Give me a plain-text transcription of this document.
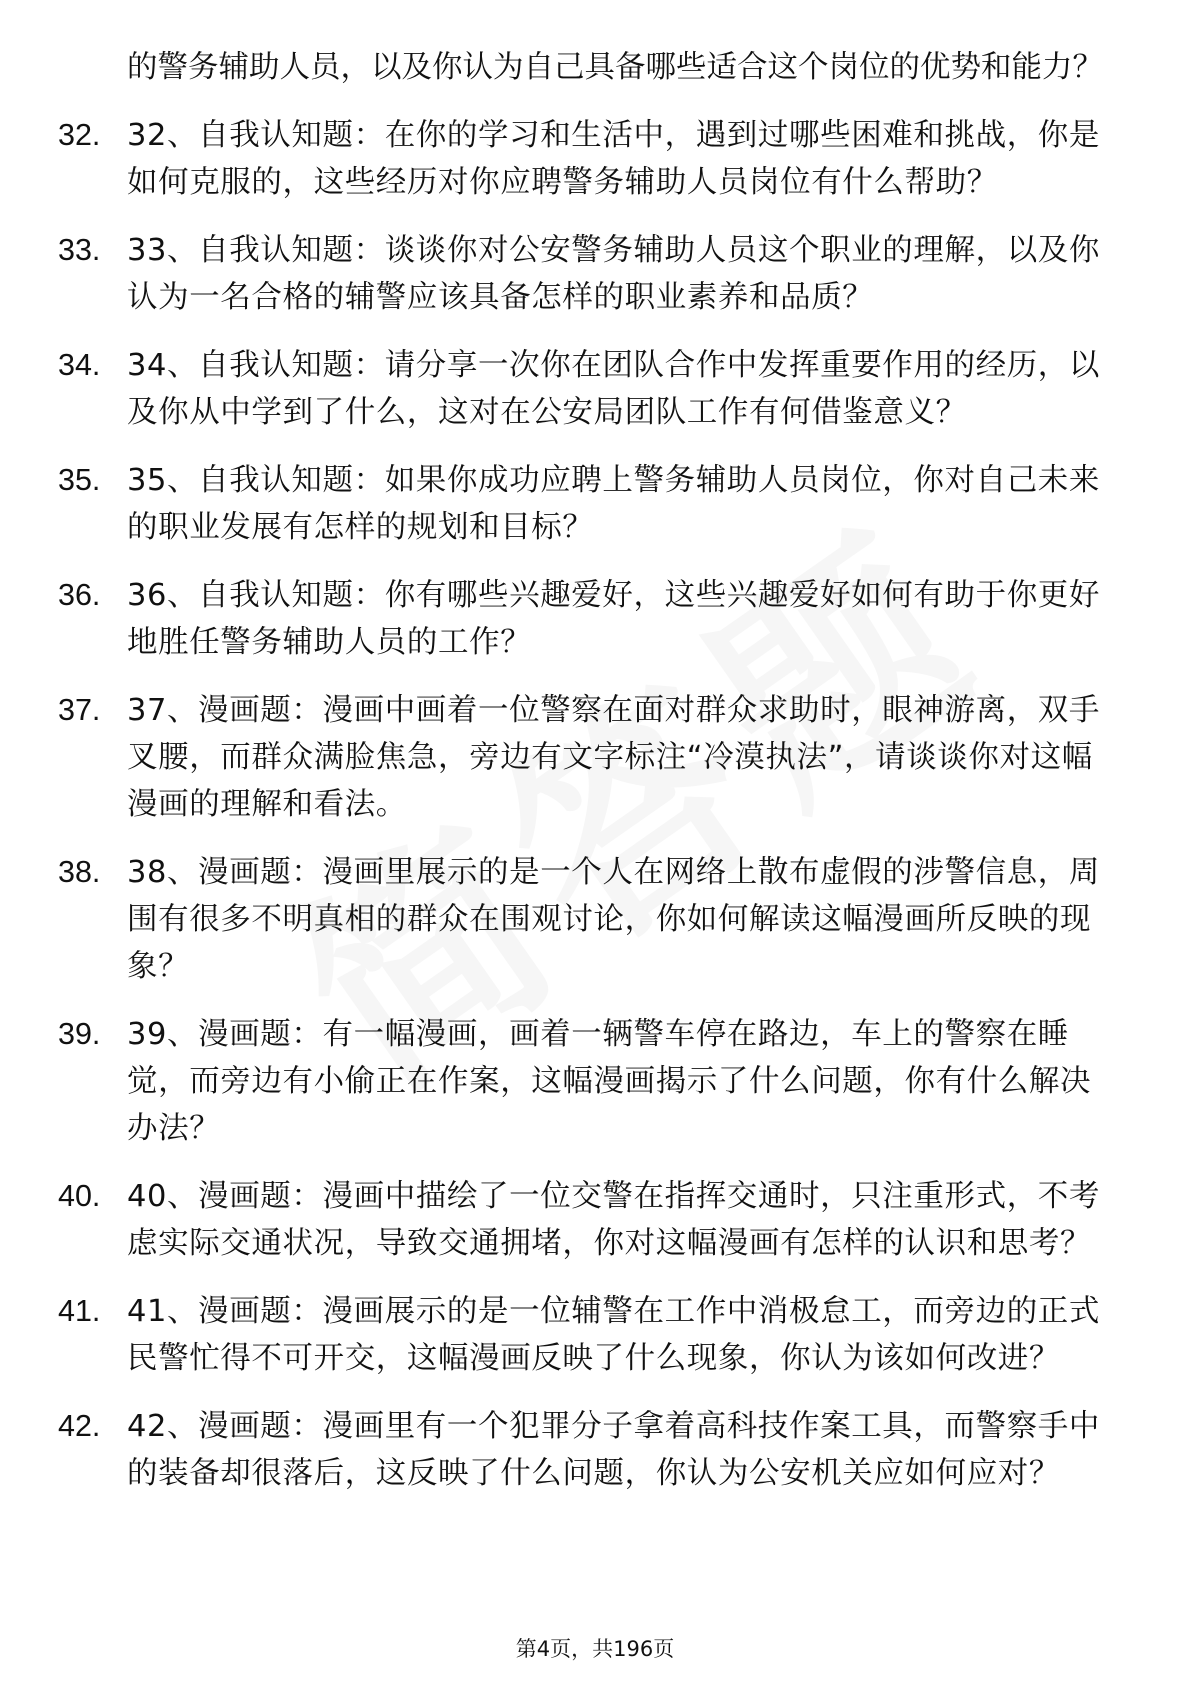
的警务辅助人员，以及你认为自己具备哪些适合这个岗位的优势和能力？
32. 32、自我认知题：在你的学习和生活中，遇到过哪些困难和挑战，你是如何克服的，这些经历对你应聘警务辅助人员岗位有什么帮助？
33. 33、自我认知题：谈谈你对公安警务辅助人员这个职业的理解，以及你认为一名合格的辅警应该具备怎样的职业素养和品质？
34. 34、自我认知题：请分享一次你在团队合作中发挥重要作用的经历，以及你从中学到了什么，这对在公安局团队工作有何借鉴意义？
35. 35、自我认知题：如果你成功应聘上警务辅助人员岗位，你对自己未来的职业发展有怎样的规划和目标？
36. 36、自我认知题：你有哪些兴趣爱好，这些兴趣爱好如何有助于你更好地胜任警务辅助人员的工作？
37. 37、漫画题：漫画中画着一位警察在面对群众求助时，眼神游离，双手叉腰，而群众满脸焦急，旁边有文字标注“冷漠执法”，请谈谈你对这幅漫画的理解和看法。
38. 38、漫画题：漫画里展示的是一个人在网络上散布虚假的涉警信息，周围有很多不明真相的群众在围观讨论，你如何解读这幅漫画所反映的现象？
39. 39、漫画题：有一幅漫画，画着一辆警车停在路边，车上的警察在睡觉，而旁边有小偷正在作案，这幅漫画揭示了什么问题，你有什么解决办法？
40. 40、漫画题：漫画中描绘了一位交警在指挥交通时，只注重形式，不考虑实际交通状况，导致交通拥堵，你对这幅漫画有怎样的认识和思考？
41. 41、漫画题：漫画展示的是一位辅警在工作中消极怠工，而旁边的正式民警忙得不可开交，这幅漫画反映了什么现象，你认为该如何改进？
42. 42、漫画题：漫画里有一个犯罪分子拿着高科技作案工具，而警察手中的装备却很落后，这反映了什么问题，你认为公安机关应如何应对？
第4页，共196页
